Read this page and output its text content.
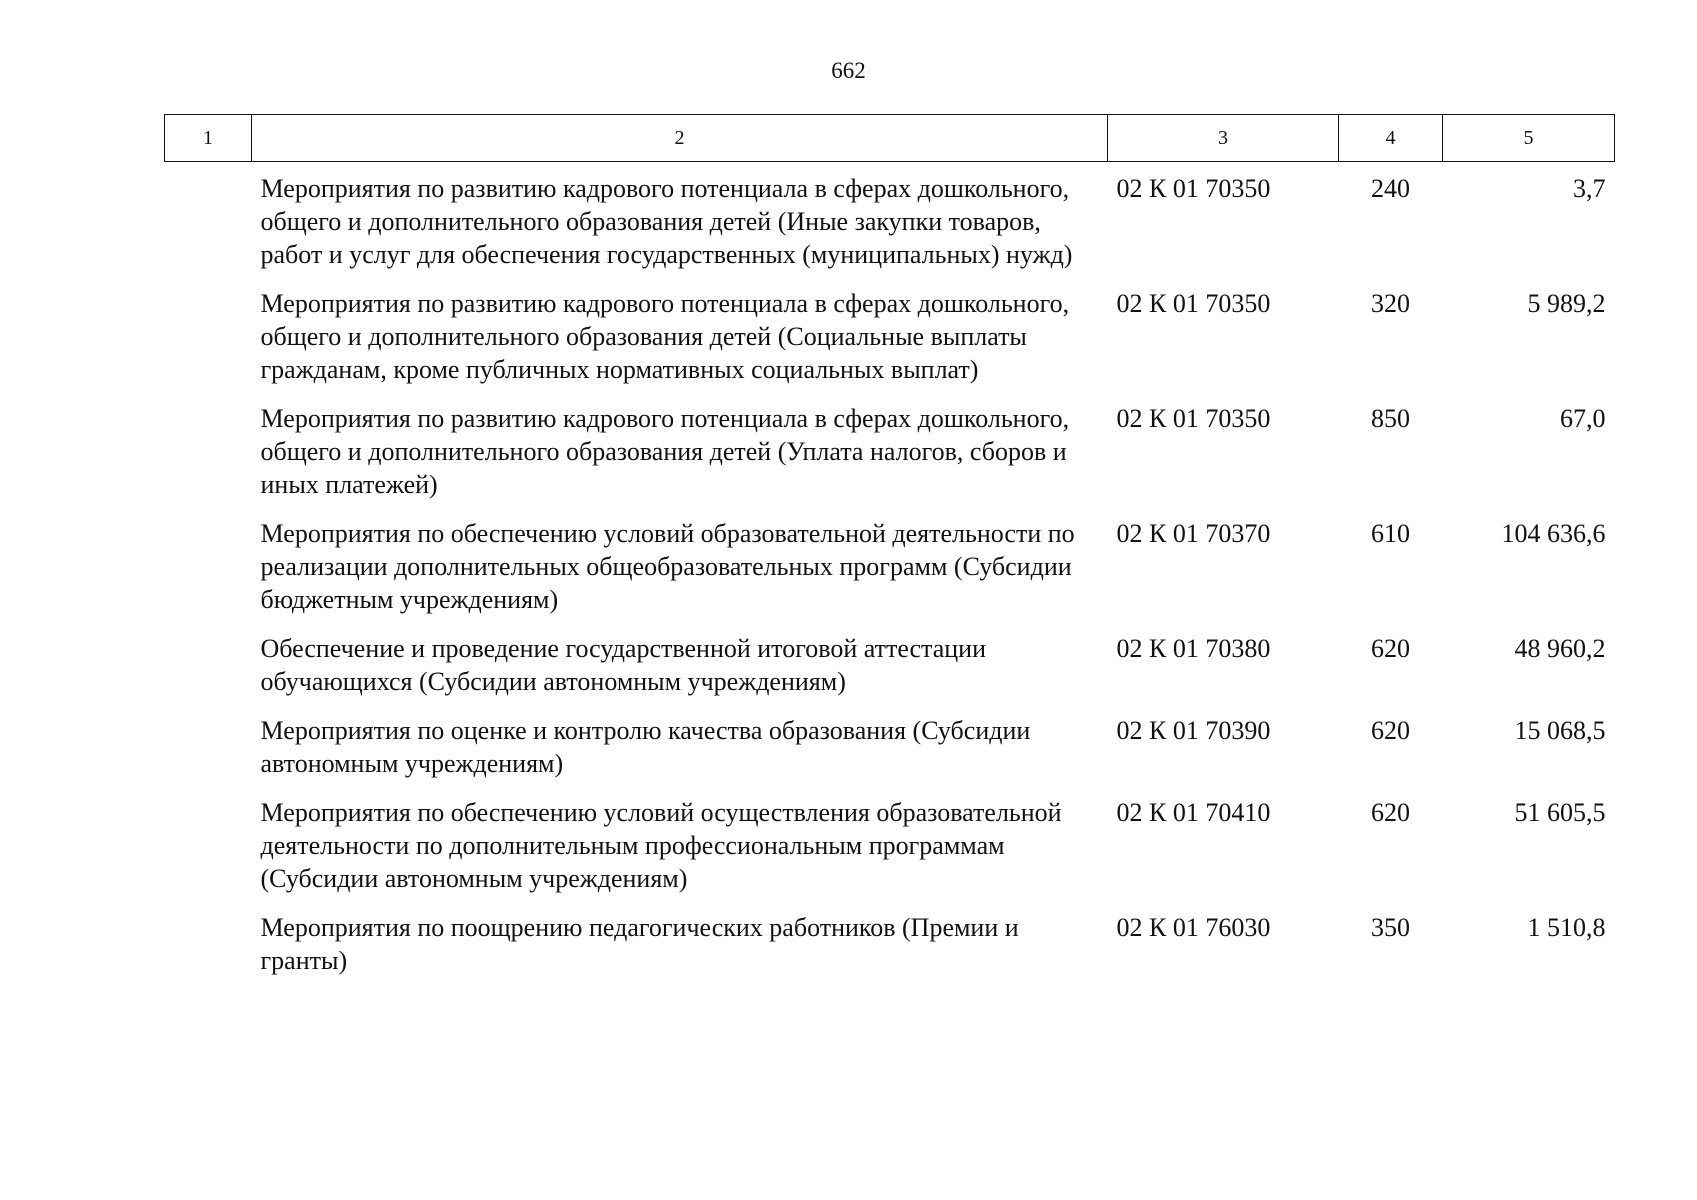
662
1	2	3	4	5
	Мероприятия по развитию кадрового потенциала в сферах дошкольного, общего и дополнительного образования детей (Иные закупки товаров, работ и услуг для обеспечения государственных (муниципальных) нужд)	02 К 01 70350	240	3,7
	Мероприятия по развитию кадрового потенциала в сферах дошкольного, общего и дополнительного образования детей (Социальные выплаты гражданам, кроме публичных нормативных социальных выплат)	02 К 01 70350	320	5 989,2
	Мероприятия по развитию кадрового потенциала в сферах дошкольного, общего и дополнительного образования детей (Уплата налогов, сборов и иных платежей)	02 К 01 70350	850	67,0
	Мероприятия по обеспечению условий образовательной деятельности по реализации дополнительных общеобразовательных программ (Субсидии бюджетным учреждениям)	02 К 01 70370	610	104 636,6
	Обеспечение и проведение государственной итоговой аттестации обучающихся (Субсидии автономным учреждениям)	02 К 01 70380	620	48 960,2
	Мероприятия по оценке и контролю качества образования (Субсидии автономным учреждениям)	02 К 01 70390	620	15 068,5
	Мероприятия по обеспечению условий осуществления образовательной деятельности по дополнительным профессиональным программам (Субсидии автономным учреждениям)	02 К 01 70410	620	51 605,5
	Мероприятия по поощрению педагогических работников (Премии и гранты)	02 К 01 76030	350	1 510,8
